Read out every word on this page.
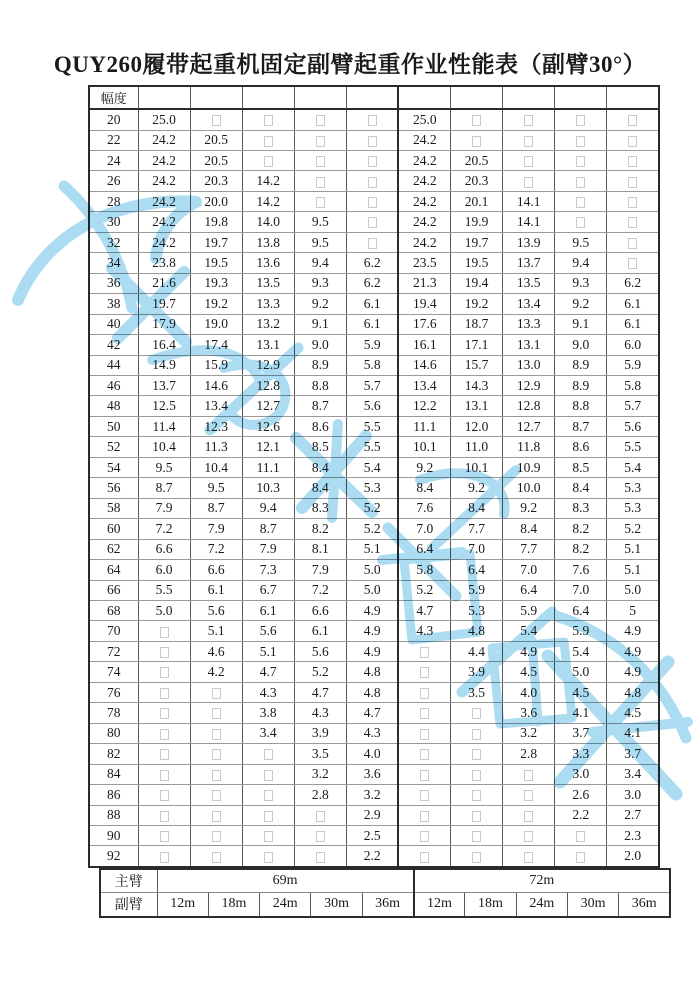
QUY260履带起重机固定副臂起重作业性能表（副臂30°）
幅度										
20	25.0					25.0				
22	24.2	20.5				24.2				
24	24.2	20.5				24.2	20.5			
26	24.2	20.3	14.2			24.2	20.3			
28	24.2	20.0	14.2			24.2	20.1	14.1		
30	24.2	19.8	14.0	9.5		24.2	19.9	14.1		
32	24.2	19.7	13.8	9.5		24.2	19.7	13.9	9.5	
34	23.8	19.5	13.6	9.4	6.2	23.5	19.5	13.7	9.4	
36	21.6	19.3	13.5	9.3	6.2	21.3	19.4	13.5	9.3	6.2
38	19.7	19.2	13.3	9.2	6.1	19.4	19.2	13.4	9.2	6.1
40	17.9	19.0	13.2	9.1	6.1	17.6	18.7	13.3	9.1	6.1
42	16.4	17.4	13.1	9.0	5.9	16.1	17.1	13.1	9.0	6.0
44	14.9	15.9	12.9	8.9	5.8	14.6	15.7	13.0	8.9	5.9
46	13.7	14.6	12.8	8.8	5.7	13.4	14.3	12.9	8.9	5.8
48	12.5	13.4	12.7	8.7	5.6	12.2	13.1	12.8	8.8	5.7
50	11.4	12.3	12.6	8.6	5.5	11.1	12.0	12.7	8.7	5.6
52	10.4	11.3	12.1	8.5	5.5	10.1	11.0	11.8	8.6	5.5
54	9.5	10.4	11.1	8.4	5.4	9.2	10.1	10.9	8.5	5.4
56	8.7	9.5	10.3	8.4	5.3	8.4	9.2	10.0	8.4	5.3
58	7.9	8.7	9.4	8.3	5.2	7.6	8.4	9.2	8.3	5.3
60	7.2	7.9	8.7	8.2	5.2	7.0	7.7	8.4	8.2	5.2
62	6.6	7.2	7.9	8.1	5.1	6.4	7.0	7.7	8.2	5.1
64	6.0	6.6	7.3	7.9	5.0	5.8	6.4	7.0	7.6	5.1
66	5.5	6.1	6.7	7.2	5.0	5.2	5.9	6.4	7.0	5.0
68	5.0	5.6	6.1	6.6	4.9	4.7	5.3	5.9	6.4	5
70		5.1	5.6	6.1	4.9	4.3	4.8	5.4	5.9	4.9
72		4.6	5.1	5.6	4.9		4.4	4.9	5.4	4.9
74		4.2	4.7	5.2	4.8		3.9	4.5	5.0	4.9
76			4.3	4.7	4.8		3.5	4.0	4.5	4.8
78			3.8	4.3	4.7			3.6	4.1	4.5
80			3.4	3.9	4.3			3.2	3.7	4.1
82				3.5	4.0			2.8	3.3	3.7
84				3.2	3.6				3.0	3.4
86				2.8	3.2				2.6	3.0
88					2.9				2.2	2.7
90					2.5					2.3
92					2.2					2.0
主臂	69m					72m				
副臂	12m	18m	24m	30m	36m	12m	18m	24m	30m	36m
